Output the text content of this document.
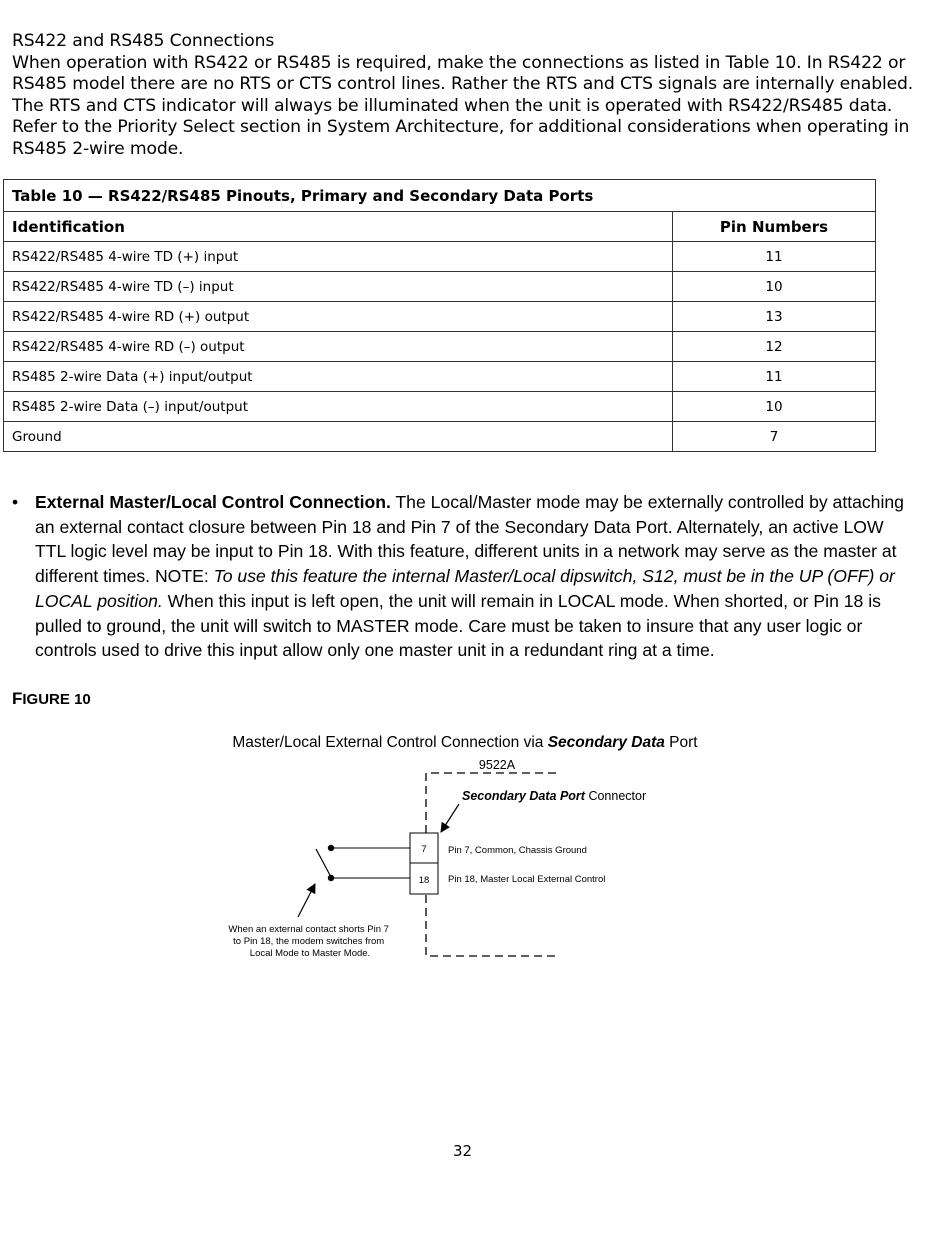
RS422 and RS485 Connections

When operation with RS422 or RS485 is required, make the connections as listed in Table 10. In RS422 or RS485 model there are no RTS or CTS control lines. Rather the RTS and CTS signals are internally enabled. The RTS and CTS indicator will always be illuminated when the unit is operated with RS422/RS485 data. Refer to the Priority Select section in System Architecture, for additional considerations when operating in RS485 2-wire mode.

Table 10 — RS422/RS485 Pinouts, Primary and Secondary Data Ports	
Identification	Pin Numbers
RS422/RS485 4-wire TD (+) input	11
RS422/RS485 4-wire TD (–) input	10
RS422/RS485 4-wire RD (+) output	13
RS422/RS485 4-wire RD (–) output	12
RS485 2-wire Data (+) input/output	11
RS485 2-wire Data (–) input/output	10
Ground	7
• External Master/Local Control Connection. The Local/Master mode may be externally controlled by attaching an external contact closure between Pin 18 and Pin 7 of the Secondary Data Port. Alternately, an active LOW TTL logic level may be input to Pin 18. With this feature, different units in a network may serve as the master at different times. NOTE: To use this feature the internal Master/Local dipswitch, S12, must be in the UP (OFF) or LOCAL position. When this input is left open, the unit will remain in LOCAL mode. When shorted, or Pin 18 is pulled to ground, the unit will switch to MASTER mode. Care must be taken to insure that any user logic or controls used to drive this input allow only one master unit in a redundant ring at a time.
FIGURE 10
Master/Local External Control Connection via Secondary Data Port
9522A
Secondary Data Port Connector
7
18
Pin 7, Common, Chassis Ground
Pin 18, Master Local External Control
When an external contact shorts Pin 7 to Pin 18, the modem switches from Local Mode to Master Mode.
32
